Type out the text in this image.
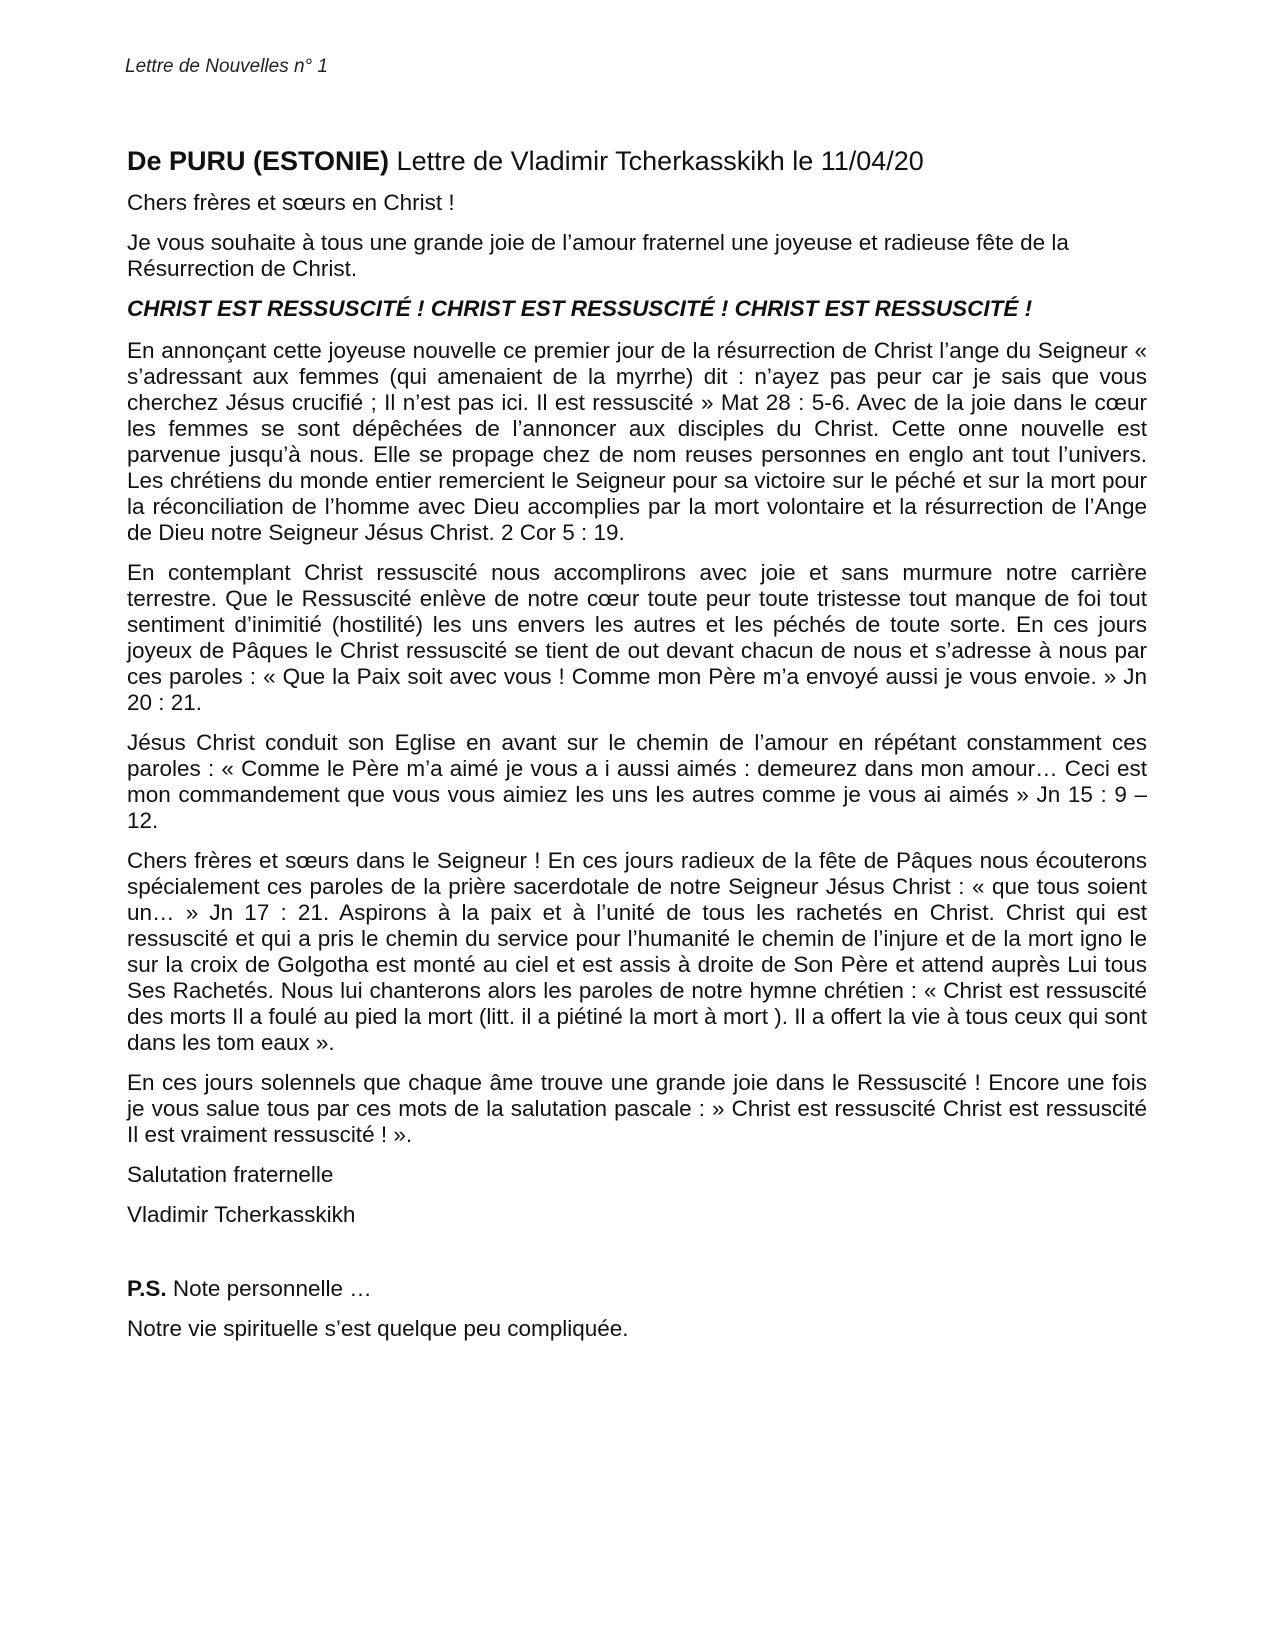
Lettre de Nouvelles n° 1
De PURU (ESTONIE) Lettre de Vladimir Tcherkasskikh le 11/04/20

Chers frères et sœurs en Christ !

Je vous souhaite à tous une grande joie de l’amour fraternel une joyeuse et radieuse fête de la Résurrection de Christ.

CHRIST EST RESSUSCITÉ ! CHRIST EST RESSUSCITÉ ! CHRIST EST RESSUSCITÉ !

En annonçant cette joyeuse nouvelle ce premier jour de la résurrection de Christ l’ange du Seigneur « s’adressant aux femmes (qui amenaient de la myrrhe) dit : n’ayez pas peur car je sais que vous cherchez Jésus crucifié ; Il n’est pas ici. Il est ressuscité » Mat 28 : 5-6. Avec de la joie dans le cœur les femmes se sont dépêchées de l’annoncer aux disciples du Christ. Cette onne nouvelle est parvenue jusqu’à nous. Elle se propage chez de nom reuses personnes en englo ant tout l’univers. Les chrétiens du monde entier remercient le Seigneur pour sa victoire sur le péché et sur la mort pour la réconciliation de l’homme avec Dieu accomplies par la mort volontaire et la résurrection de l’Ange de Dieu notre Seigneur Jésus Christ. 2 Cor 5 : 19.

En contemplant Christ ressuscité nous accomplirons avec joie et sans murmure notre carrière terrestre. Que le Ressuscité enlève de notre cœur toute peur toute tristesse tout manque de foi tout sentiment d’inimitié (hostilité) les uns envers les autres et les péchés de toute sorte. En ces jours joyeux de Pâques le Christ ressuscité se tient de out devant chacun de nous et s’adresse à nous par ces paroles : « Que la Paix soit avec vous ! Comme mon Père m’a envoyé aussi je vous envoie. » Jn 20 : 21.

Jésus Christ conduit son Eglise en avant sur le chemin de l’amour en répétant constamment ces paroles : « Comme le Père m’a aimé je vous a i aussi aimés : demeurez dans mon amour… Ceci est mon commandement que vous vous aimiez les uns les autres comme je vous ai aimés » Jn 15 : 9 – 12.

Chers frères et sœurs dans le Seigneur ! En ces jours radieux de la fête de Pâques nous écouterons spécialement ces paroles de la prière sacerdotale de notre Seigneur Jésus Christ : « que tous soient un… » Jn 17 : 21. Aspirons à la paix et à l’unité de tous les rachetés en Christ. Christ qui est ressuscité et qui a pris le chemin du service pour l’humanité le chemin de l’injure et de la mort igno le sur la croix de Golgotha est monté au ciel et est assis à droite de Son Père et attend auprès Lui tous Ses Rachetés. Nous lui chanterons alors les paroles de notre hymne chrétien : « Christ est ressuscité des morts Il a foulé au pied la mort (litt. il a piétiné la mort à mort ). Il a offert la vie à tous ceux qui sont dans les tom eaux ».

En ces jours solennels que chaque âme trouve une grande joie dans le Ressuscité ! Encore une fois je vous salue tous par ces mots de la salutation pascale : » Christ est ressuscité Christ est ressuscité Il est vraiment ressuscité ! ».

Salutation fraternelle

Vladimir Tcherkasskikh

P.S. Note personnelle …

Notre vie spirituelle s’est quelque peu compliquée.
